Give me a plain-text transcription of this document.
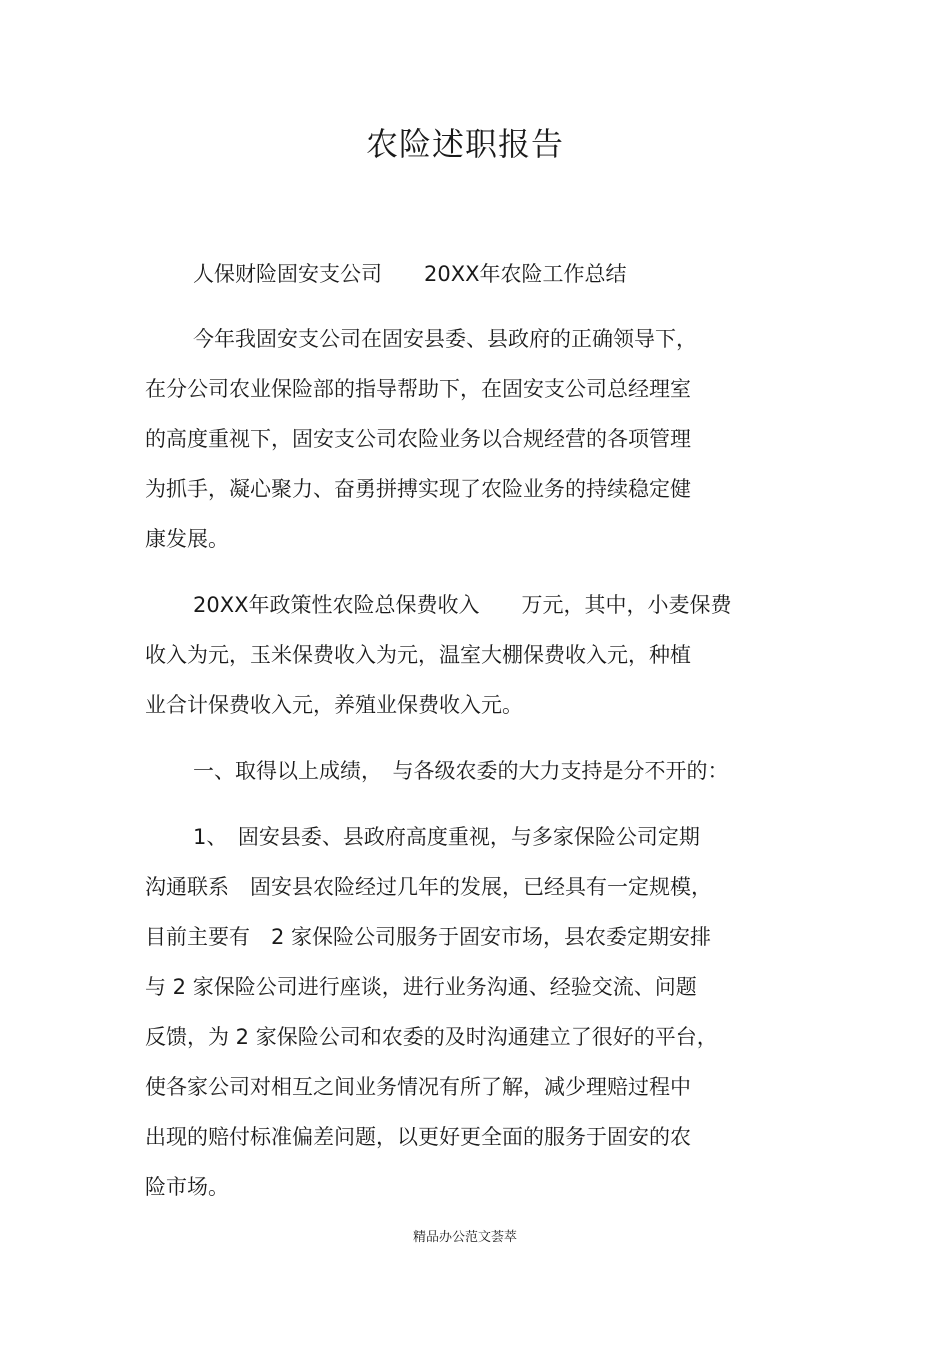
农险述职报告
人保财险固安支公司　　20XX年农险工作总结
今年我固安支公司在固安县委、县政府的正确领导下，
在分公司农业保险部的指导帮助下，在固安支公司总经理室
的高度重视下，固安支公司农险业务以合规经营的各项管理
为抓手，凝心聚力、奋勇拼搏实现了农险业务的持续稳定健
康发展。
20XX年政策性农险总保费收入　　万元，其中，小麦保费
收入为元，玉米保费收入为元，温室大棚保费收入元，种植
业合计保费收入元，养殖业保费收入元。
一、取得以上成绩，　与各级农委的大力支持是分不开的：
1、　固安县委、县政府高度重视，与多家保险公司定期
沟通联系　固安县农险经过几年的发展，已经具有一定规模，
目前主要有　2 家保险公司服务于固安市场，县农委定期安排
与 2 家保险公司进行座谈，进行业务沟通、经验交流、问题
反馈，为 2 家保险公司和农委的及时沟通建立了很好的平台，
使各家公司对相互之间业务情况有所了解，减少理赔过程中
出现的赔付标准偏差问题，以更好更全面的服务于固安的农
险市场。
精品办公范文荟萃
